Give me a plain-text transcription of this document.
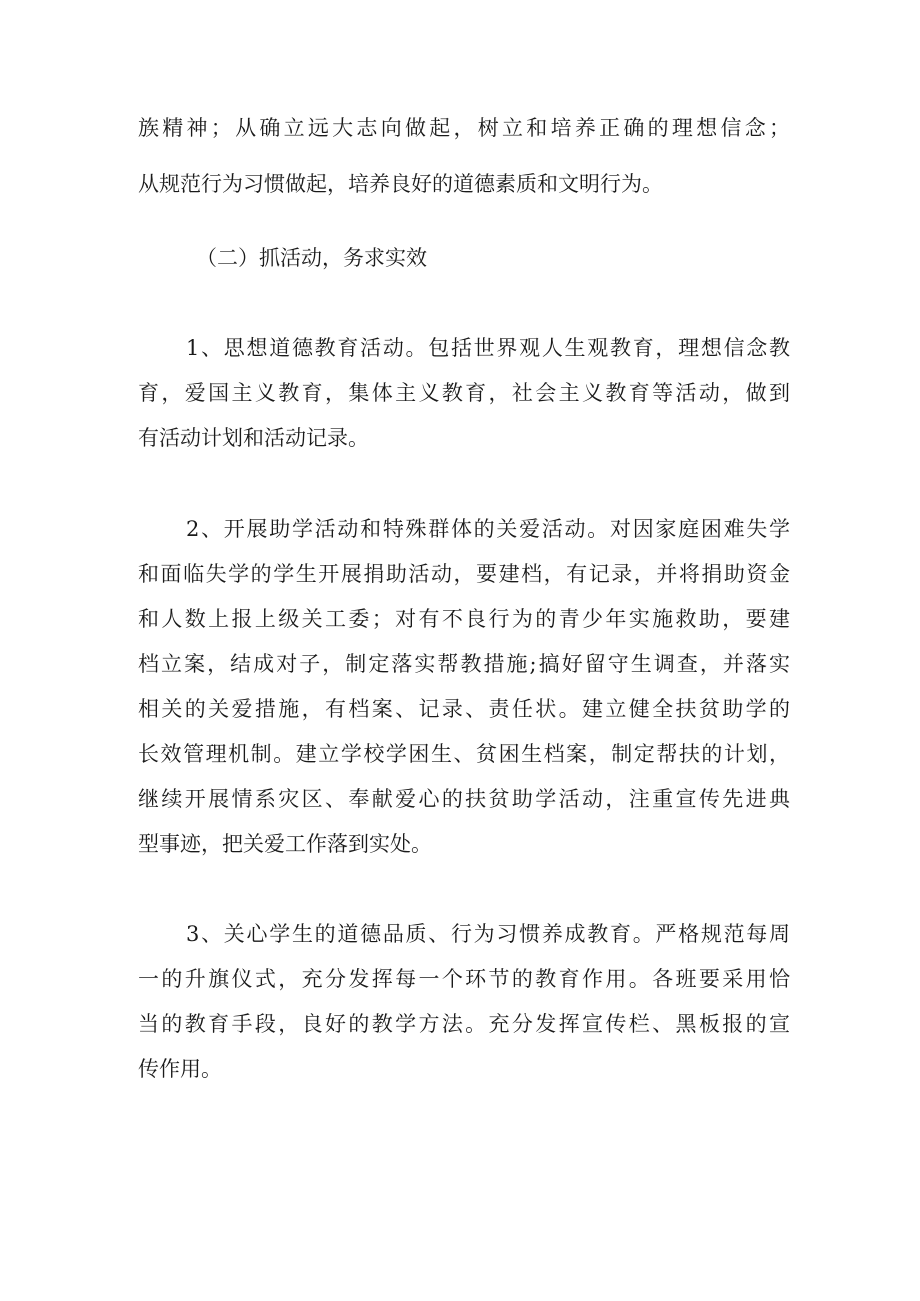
族精神；从确立远大志向做起，树立和培养正确的理想信念；
从规范行为习惯做起，培养良好的道德素质和文明行为。
（二）抓活动，务求实效
1、思想道德教育活动。包括世界观人生观教育，理想信念教
育，爱国主义教育，集体主义教育，社会主义教育等活动，做到
有活动计划和活动记录。
2、开展助学活动和特殊群体的关爱活动。对因家庭困难失学
和面临失学的学生开展捐助活动，要建档，有记录，并将捐助资金
和人数上报上级关工委；对有不良行为的青少年实施救助，要建
档立案，结成对子，制定落实帮教措施;搞好留守生调查，并落实
相关的关爱措施，有档案、记录、责任状。建立健全扶贫助学的
长效管理机制。建立学校学困生、贫困生档案，制定帮扶的计划，
继续开展情系灾区、奉献爱心的扶贫助学活动，注重宣传先进典
型事迹，把关爱工作落到实处。
3、关心学生的道德品质、行为习惯养成教育。严格规范每周
一的升旗仪式，充分发挥每一个环节的教育作用。各班要采用恰
当的教育手段，良好的教学方法。充分发挥宣传栏、黑板报的宣
传作用。
